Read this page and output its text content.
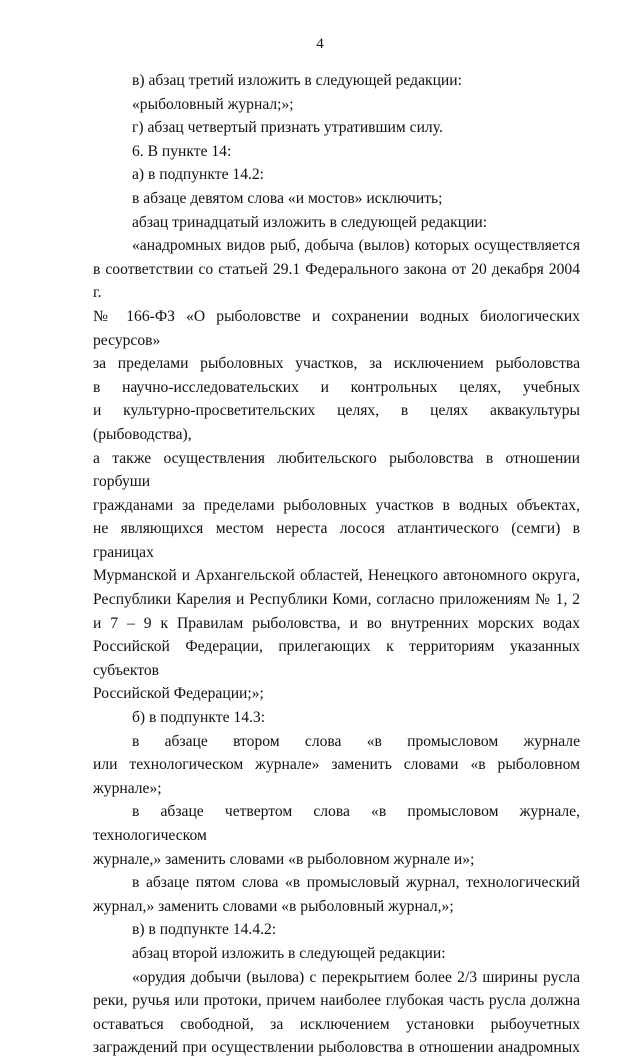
4

в) абзац третий изложить в следующей редакции:

«рыболовный журнал;»;

г) абзац четвертый признать утратившим силу.

6. В пункте 14:

а) в подпункте 14.2:

в абзаце девятом слова «и мостов» исключить;

абзац тринадцатый изложить в следующей редакции:

«анадромных видов рыб, добыча (вылов) которых осуществляется

в соответствии со статьей 29.1 Федерального закона от 20 декабря 2004 г.

№ 166-ФЗ «О рыболовстве и сохранении водных биологических ресурсов»

за пределами рыболовных участков, за исключением рыболовства

в научно-исследовательских и контрольных целях, учебных

и культурно-просветительских целях, в целях аквакультуры (рыбоводства),

а также осуществления любительского рыболовства в отношении горбуши

гражданами за пределами рыболовных участков в водных объектах,

не являющихся местом нереста лосося атлантического (семги) в границах

Мурманской и Архангельской областей, Ненецкого автономного округа,

Республики Карелия и Республики Коми, согласно приложениям № 1, 2

и 7 – 9 к Правилам рыболовства, и во внутренних морских водах

Российской Федерации, прилегающих к территориям указанных субъектов

Российской Федерации;»;

б) в подпункте 14.3:

в абзаце втором слова «в промысловом журнале

или технологическом журнале» заменить словами «в рыболовном

журнале»;

в абзаце четвертом слова «в промысловом журнале, технологическом

журнале,» заменить словами «в рыболовном журнале и»;

в абзаце пятом слова «в промысловый журнал, технологический

журнал,» заменить словами «в рыболовный журнал,»;

в) в подпункте 14.4.2:

абзац второй изложить в следующей редакции:

«орудия добычи (вылова) с перекрытием более 2/3 ширины русла

реки, ручья или протоки, причем наиболее глубокая часть русла должна

оставаться свободной, за исключением установки рыбоучетных

заграждений при осуществлении рыболовства в отношении анадромных
